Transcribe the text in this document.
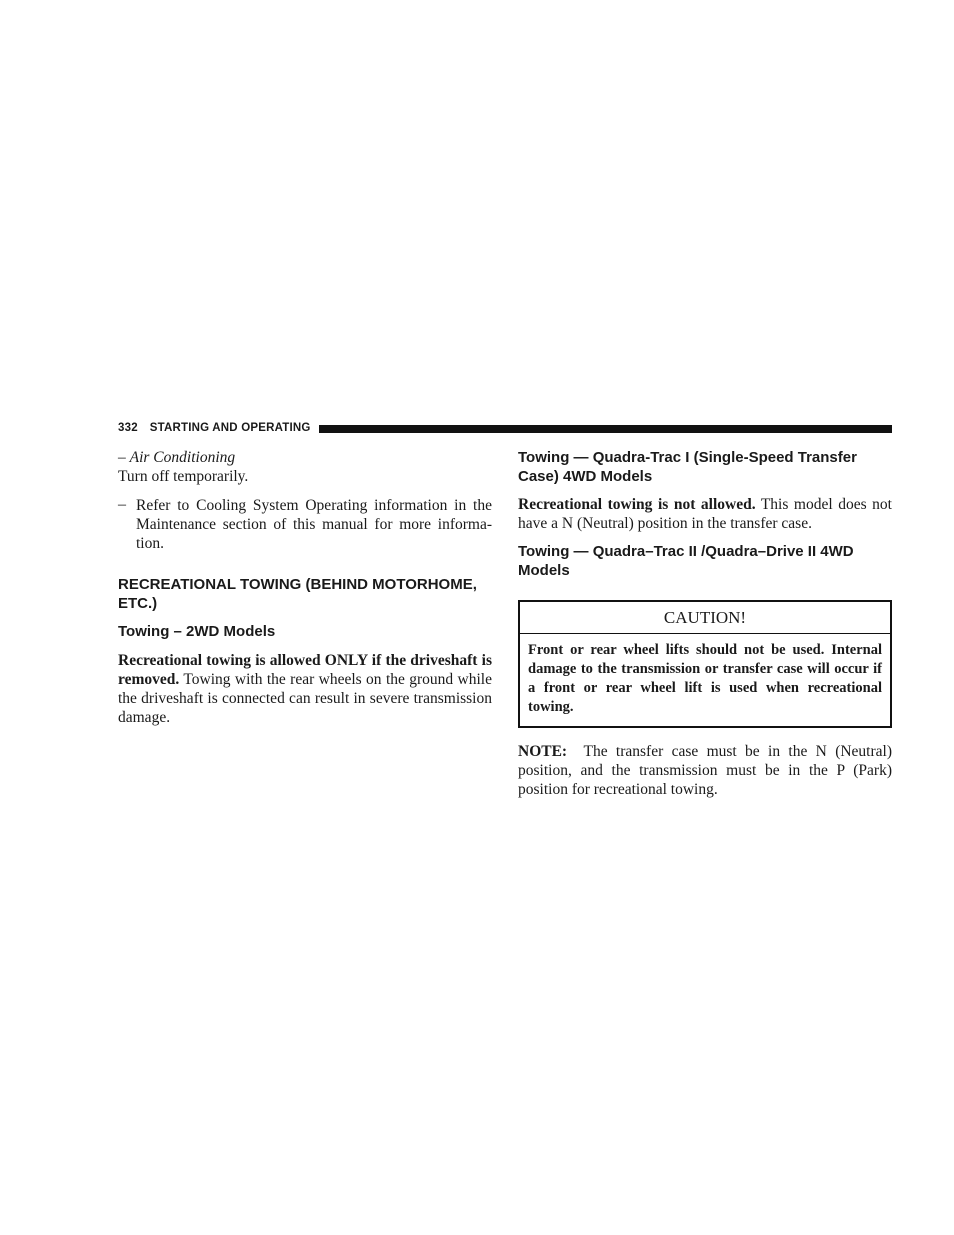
332 STARTING AND OPERATING

– Air Conditioning

Turn off temporarily.

– Refer to Cooling System Operating information in the Maintenance section of this manual for more informa-tion.

RECREATIONAL TOWING (BEHIND MOTORHOME, ETC.)
Towing – 2WD Models

Recreational towing is allowed ONLY if the driveshaft is removed. Towing with the rear wheels on the ground while the driveshaft is connected can result in severe transmission damage.

Towing — Quadra-Trac I (Single-Speed Transfer Case) 4WD Models

Recreational towing is not allowed. This model does not have a N (Neutral) position in the transfer case.

Towing — Quadra–Trac II /Quadra–Drive II 4WD Models
CAUTION!
Front or rear wheel lifts should not be used. Internal damage to the transmission or transfer case will occur if a front or rear wheel lift is used when recreational towing.

NOTE:  The transfer case must be in the N (Neutral) position, and the transmission must be in the P (Park) position for recreational towing.
